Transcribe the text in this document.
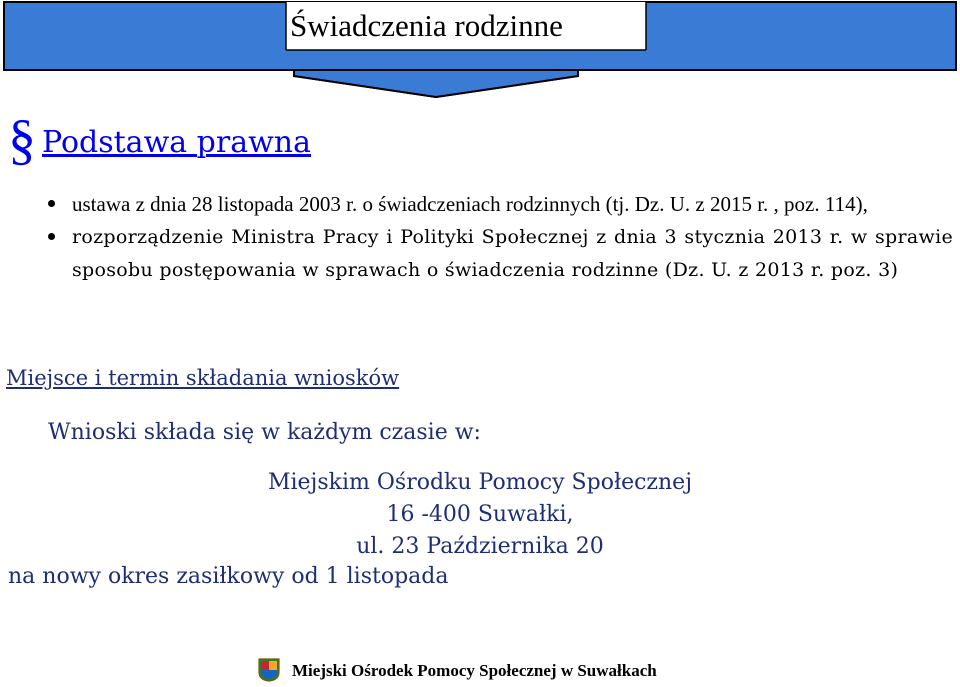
Świadczenia rodzinne
§ Podstawa prawna
ustawa z dnia 28 listopada 2003 r. o świadczeniach rodzinnych (tj. Dz. U. z 2015 r. , poz. 114),
rozporządzenie Ministra Pracy i Polityki Społecznej z dnia 3 stycznia 2013 r. w sprawie sposobu postępowania w sprawach o świadczenia rodzinne (Dz. U. z 2013 r. poz. 3)
Miejsce i termin składania wniosków
Wnioski składa się w każdym czasie w:
Miejskim Ośrodku Pomocy Społecznej
16 -400 Suwałki,
ul. 23 Października 20
na nowy okres zasiłkowy od 1 listopada
Miejski Ośrodek Pomocy Społecznej w Suwałkach
